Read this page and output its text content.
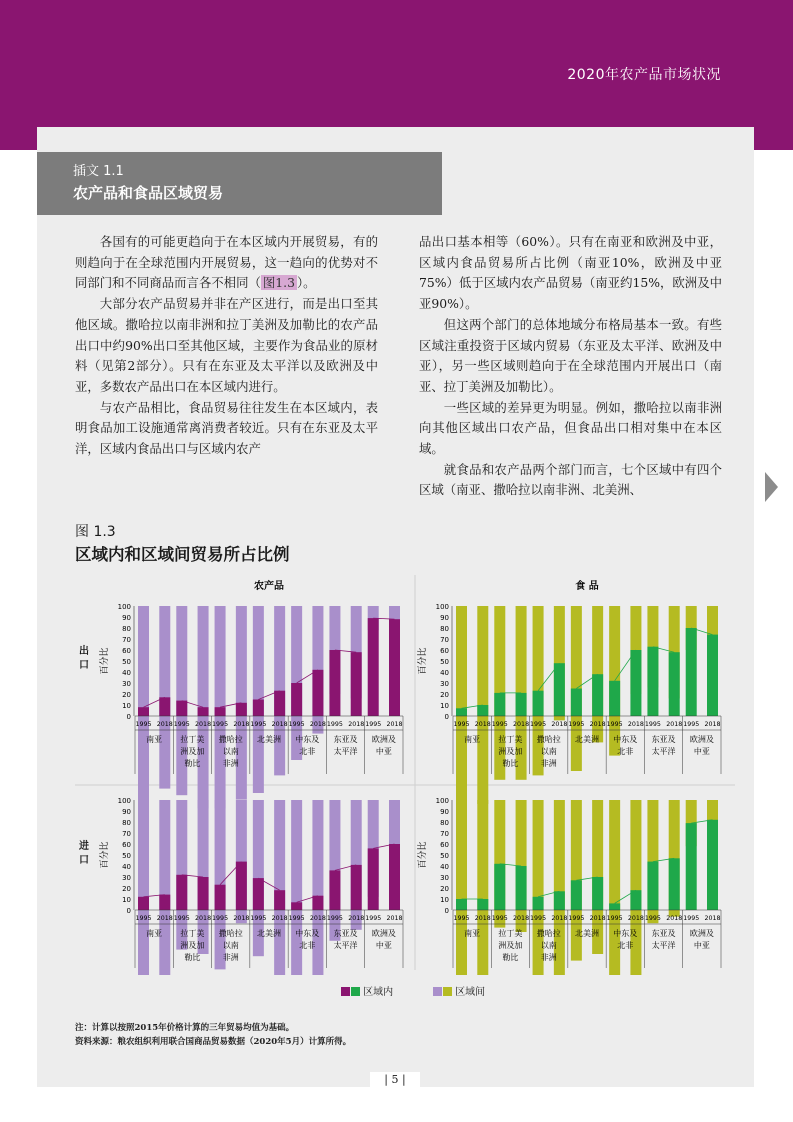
2020年农产品市场状况
插文 1.1
农产品和食品区域贸易

各国有的可能更趋向于在本区域内开展贸易，有的则趋向于在全球范围内开展贸易，这一趋向的优势对不同部门和不同商品而言各不相同（ 图1.3 ）。

大部分农产品贸易并非在产区进行，而是出口至其他区域。撒哈拉以南非洲和拉丁美洲及加勒比的农产品出口中约90%出口至其他区域，主要作为食品业的原材料（见第2部分）。只有在东亚及太平洋以及欧洲及中亚，多数农产品出口在本区域内进行。

与农产品相比，食品贸易往往发生在本区域内，表明食品加工设施通常离消费者较近。只有在东亚及太平洋，区域内食品出口与区域内农产

品出口基本相等（60%）。只有在南亚和欧洲及中亚，区域内食品贸易所占比例（南亚10%，欧洲及中亚75%）低于区域内农产品贸易（南亚约15%，欧洲及中亚90%）。

但这两个部门的总体地域分布格局基本一致。有些区域注重投资于区域内贸易（东亚及太平洋、欧洲及中亚），另一些区域则趋向于在全球范围内开展出口（南亚、拉丁美洲及加勒比）。

一些区域的差异更为明显。例如，撒哈拉以南非洲向其他区域出口农产品，但食品出口相对集中在本区域。

就食品和农产品两个部门而言，七个区域中有四个区域（南亚、撒哈拉以南非洲、北美洲、

图 1.3
区域内和区域间贸易所占比例
出口
进口
农产品
百分比
0
10
20
30
40
50
60
70
80
90
100
1995 2018
南亚
1995 2018
拉丁美
洲及加
勒比
1995 2018
撒哈拉
以南
非洲
1995 2018
北美洲
1995 2018
中东及
北非
1995 2018
东亚及
太平洋
1995 2018
欧洲及
中亚
食 品
百分比
0
10
20
30
40
50
60
70
80
90
100
1995 2018
南亚
1995 2018
拉丁美
洲及加
勒比
1995 2018
撒哈拉
以南
非洲
1995 2018
北美洲
1995 2018
中东及
北非
1995 2018
东亚及
太平洋
1995 2018
欧洲及
中亚
百分比
0
10
20
30
40
50
60
70
80
90
100
1995 2018
南亚
1995 2018
拉丁美
洲及加
勒比
1995 2018
撒哈拉
以南
非洲
1995 2018
北美洲
1995 2018
中东及
北非
1995 2018
东亚及
太平洋
1995 2018
欧洲及
中亚
百分比
0
10
20
30
40
50
60
70
80
90
100
1995 2018
南亚
1995 2018
拉丁美
洲及加
勒比
1995 2018
撒哈拉
以南
非洲
1995 2018
北美洲
1995 2018
中东及
北非
1995 2018
东亚及
太平洋
1995 2018
欧洲及
中亚
区域内	区域间
注：计算以按照2015年价格计算的三年贸易均值为基础。
资料来源：粮农组织利用联合国商品贸易数据（2020年5月）计算所得。
| 5 |
